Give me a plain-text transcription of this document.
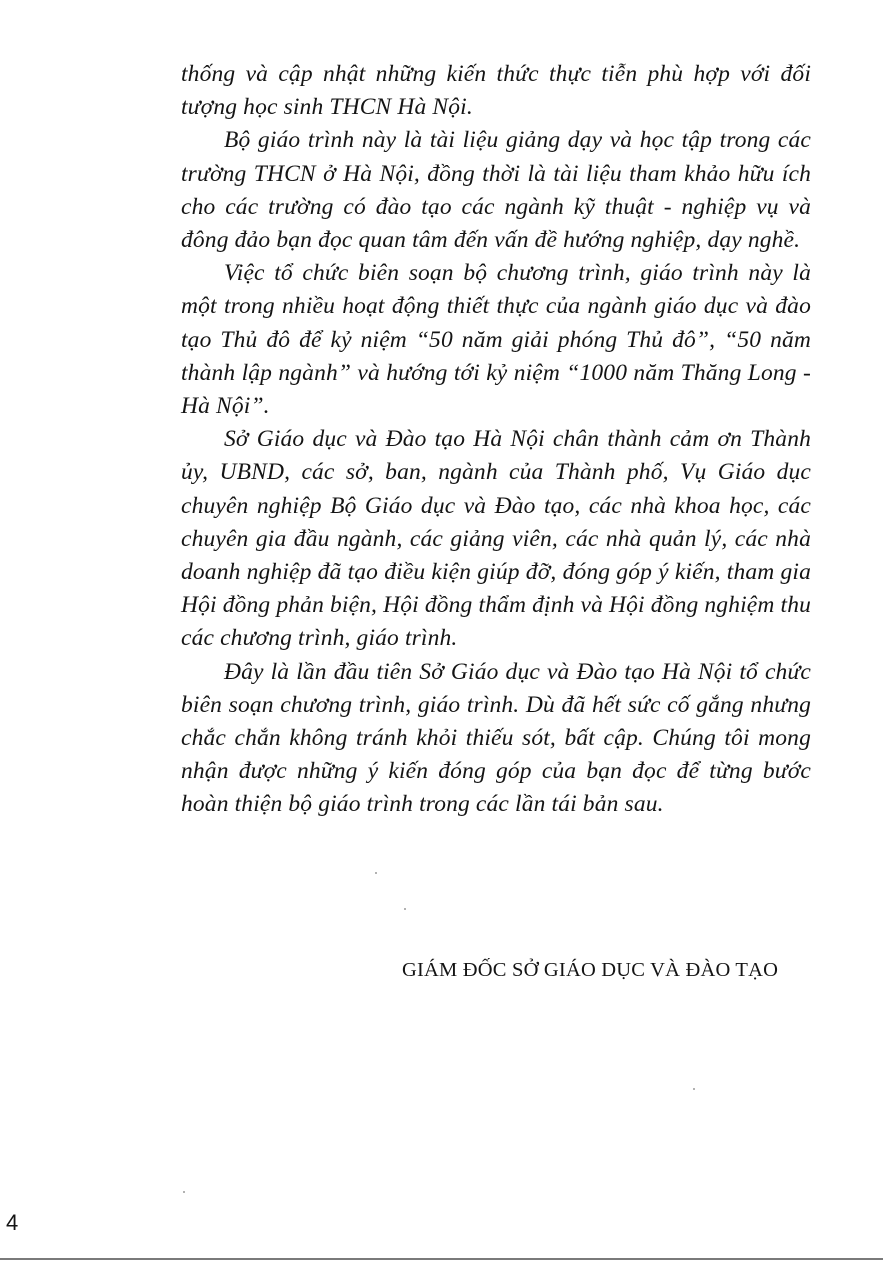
thống và cập nhật những kiến thức thực tiễn phù hợp với đối tượng học sinh THCN Hà Nội.

Bộ giáo trình này là tài liệu giảng dạy và học tập trong các trường THCN ở Hà Nội, đồng thời là tài liệu tham khảo hữu ích cho các trường có đào tạo các ngành kỹ thuật - nghiệp vụ và đông đảo bạn đọc quan tâm đến vấn đề hướng nghiệp, dạy nghề.

Việc tổ chức biên soạn bộ chương trình, giáo trình này là một trong nhiều hoạt động thiết thực của ngành giáo dục và đào tạo Thủ đô để kỷ niệm “50 năm giải phóng Thủ đô”, “50 năm thành lập ngành” và hướng tới kỷ niệm “1000 năm Thăng Long - Hà Nội”.

Sở Giáo dục và Đào tạo Hà Nội chân thành cảm ơn Thành ủy, UBND, các sở, ban, ngành của Thành phố, Vụ Giáo dục chuyên nghiệp Bộ Giáo dục và Đào tạo, các nhà khoa học, các chuyên gia đầu ngành, các giảng viên, các nhà quản lý, các nhà doanh nghiệp đã tạo điều kiện giúp đỡ, đóng góp ý kiến, tham gia Hội đồng phản biện, Hội đồng thẩm định và Hội đồng nghiệm thu các chương trình, giáo trình.

Đây là lần đầu tiên Sở Giáo dục và Đào tạo Hà Nội tổ chức biên soạn chương trình, giáo trình. Dù đã hết sức cố gắng nhưng chắc chắn không tránh khỏi thiếu sót, bất cập. Chúng tôi mong nhận được những ý kiến đóng góp của bạn đọc để từng bước hoàn thiện bộ giáo trình trong các lần tái bản sau.

GIÁM ĐỐC SỞ GIÁO DỤC VÀ ĐÀO TẠO
4
